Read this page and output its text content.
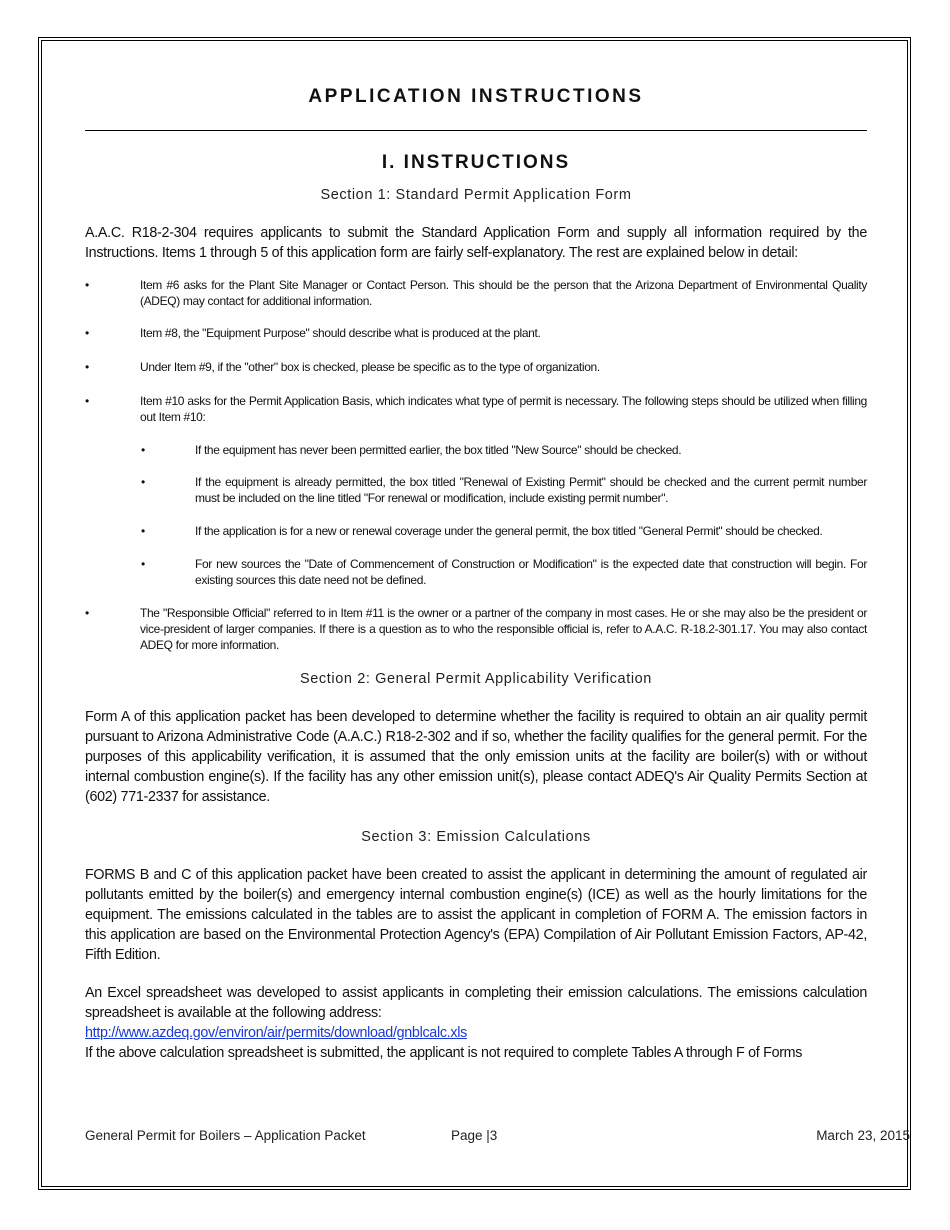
APPLICATION INSTRUCTIONS
I. INSTRUCTIONS
Section 1: Standard Permit Application Form

A.A.C. R18-2-304 requires applicants to submit the Standard Application Form and supply all information required by the Instructions. Items 1 through 5 of this application form are fairly self-explanatory. The rest are explained below in detail:

•	Item #6 asks for the Plant Site Manager or Contact Person. This should be the person that the Arizona Department of Environmental Quality (ADEQ) may contact for additional information.
•	Item #8, the "Equipment Purpose" should describe what is produced at the plant.
•	Under Item #9, if the "other" box is checked, please be specific as to the type of organization.
•	Item #10 asks for the Permit Application Basis, which indicates what type of permit is necessary. The following steps should be utilized when filling out Item #10:
•	If the equipment has never been permitted earlier, the box titled "New Source" should be checked.
•	If the equipment is already permitted, the box titled "Renewal of Existing Permit" should be checked and the current permit number must be included on the line titled "For renewal or modification, include existing permit number".
•	If the application is for a new or renewal coverage under the general permit, the box titled "General Permit" should be checked.
•	For new sources the "Date of Commencement of Construction or Modification" is the expected date that construction will begin. For existing sources this date need not be defined.
•	The "Responsible Official" referred to in Item #11 is the owner or a partner of the company in most cases. He or she may also be the president or vice-president of larger companies. If there is a question as to who the responsible official is, refer to A.A.C. R-18.2-301.17. You may also contact ADEQ for more information.
Section 2: General Permit Applicability Verification

Form A of this application packet has been developed to determine whether the facility is required to obtain an air quality permit pursuant to Arizona Administrative Code (A.A.C.) R18-2-302 and if so, whether the facility qualifies for the general permit. For the purposes of this applicability verification, it is assumed that the only emission units at the facility are boiler(s) with or without internal combustion engine(s). If the facility has any other emission unit(s), please contact ADEQ's Air Quality Permits Section at (602) 771-2337 for assistance.

Section 3: Emission Calculations

FORMS B and C of this application packet have been created to assist the applicant in determining the amount of regulated air pollutants emitted by the boiler(s) and emergency internal combustion engine(s) (ICE) as well as the hourly limitations for the equipment. The emissions calculated in the tables are to assist the applicant in completion of FORM A. The emission factors in this application are based on the Environmental Protection Agency's (EPA) Compilation of Air Pollutant Emission Factors, AP-42, Fifth Edition.

An Excel spreadsheet was developed to assist applicants in completing their emission calculations. The emissions calculation spreadsheet is available at the following address:

http://www.azdeq.gov/environ/air/permits/download/gnblcalc.xls

If the above calculation spreadsheet is submitted, the applicant is not required to complete Tables A through F of Forms

General Permit for Boilers – Application Packet	Page |3	March 23, 2015
